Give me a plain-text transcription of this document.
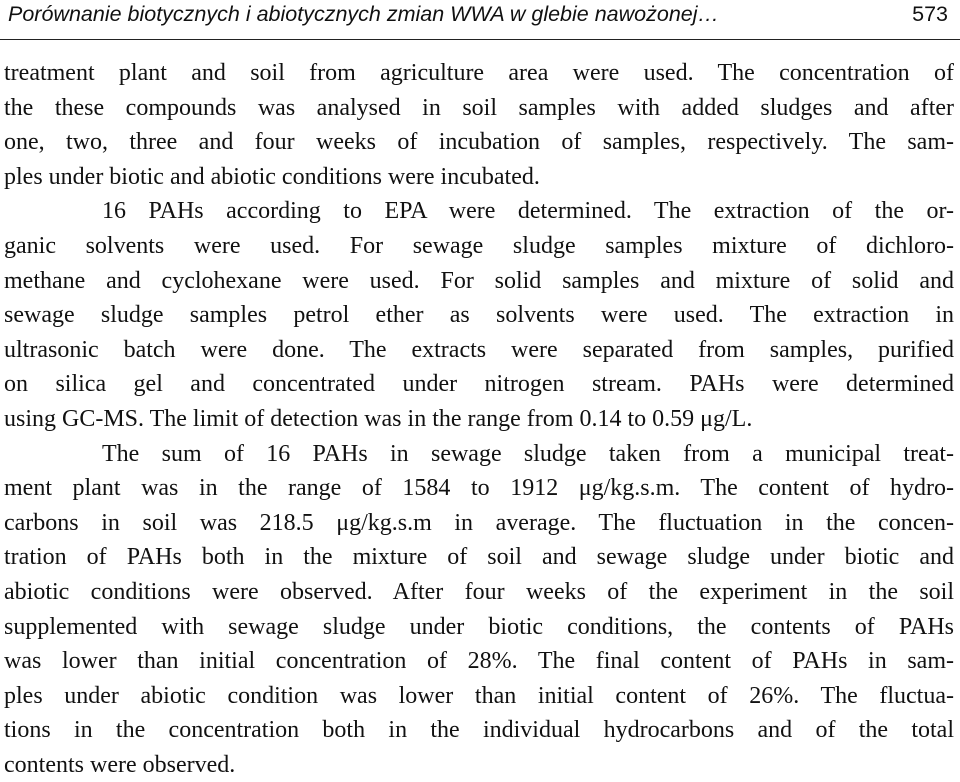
Porównanie biotycznych i abiotycznych zmian WWA w glebie nawożonej…	573
treatment plant and soil from agriculture area were used. The concentration of
the these compounds was analysed in soil samples with added sludges and after
one, two, three and four weeks of incubation of samples, respectively. The sam-
ples under biotic and abiotic conditions were incubated.
16 PAHs according to EPA were determined. The extraction of the or-
ganic solvents were used. For sewage sludge samples mixture of dichloro-
methane and cyclohexane were used. For solid samples and mixture of solid and
sewage sludge samples petrol ether as solvents were used. The extraction in
ultrasonic batch were done. The extracts were separated from samples, purified
on silica gel and concentrated under nitrogen stream. PAHs were determined
using GC-MS. The limit of detection was in the range from 0.14 to 0.59 μg/L.
The sum of 16 PAHs in sewage sludge taken from a municipal treat-
ment plant was in the range of 1584 to 1912 μg/kg.s.m. The content of hydro-
carbons in soil was 218.5 μg/kg.s.m in average. The fluctuation in the concen-
tration of PAHs both in the mixture of soil and sewage sludge under biotic and
abiotic conditions were observed. After four weeks of the experiment in the soil
supplemented with sewage sludge under biotic conditions, the contents of PAHs
was lower than initial concentration of 28%. The final content of PAHs in sam-
ples under abiotic condition was lower than initial content of 26%. The fluctua-
tions in the concentration both in the individual hydrocarbons and of the total
contents were observed.
